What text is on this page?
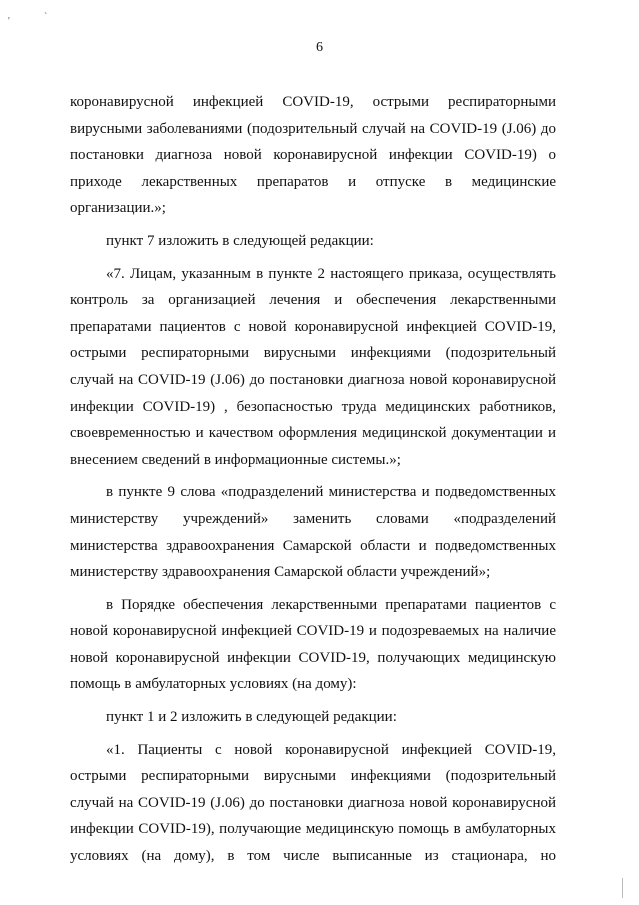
'	`
6

коронавирусной инфекцией COVID-19, острыми респираторными вирусными заболеваниями (подозрительный случай на COVID-19 (J.06) до постановки диагноза новой коронавирусной инфекции COVID-19) о приходе лекарственных препаратов и отпуске в медицинские организации.»;

пункт 7 изложить в следующей редакции:

«7. Лицам, указанным в пункте 2 настоящего приказа, осуществлять контроль за организацией лечения и обеспечения лекарственными препаратами пациентов с новой коронавирусной инфекцией COVID-19, острыми респираторными вирусными инфекциями (подозрительный случай на COVID-19 (J.06) до постановки диагноза новой коронавирусной инфекции COVID-19) , безопасностью труда медицинских работников, своевременностью и качеством оформления медицинской документации и внесением сведений в информационные системы.»;

в пункте 9 слова «подразделений министерства и подведомственных министерству учреждений» заменить словами «подразделений министерства здравоохранения Самарской области и подведомственных министерству здравоохранения Самарской области учреждений»;

в Порядке обеспечения лекарственными препаратами пациентов с новой коронавирусной инфекцией COVID-19 и подозреваемых на наличие новой коронавирусной инфекции COVID-19, получающих медицинскую помощь в амбулаторных условиях (на дому):

пункт 1 и 2 изложить в следующей редакции:

«1. Пациенты с новой коронавирусной инфекцией COVID-19, острыми респираторными вирусными инфекциями (подозрительный случай на COVID-19 (J.06) до постановки диагноза новой коронавирусной инфекции COVID-19), получающие медицинскую помощь в амбулаторных условиях (на дому), в том числе выписанные из стационара, но
